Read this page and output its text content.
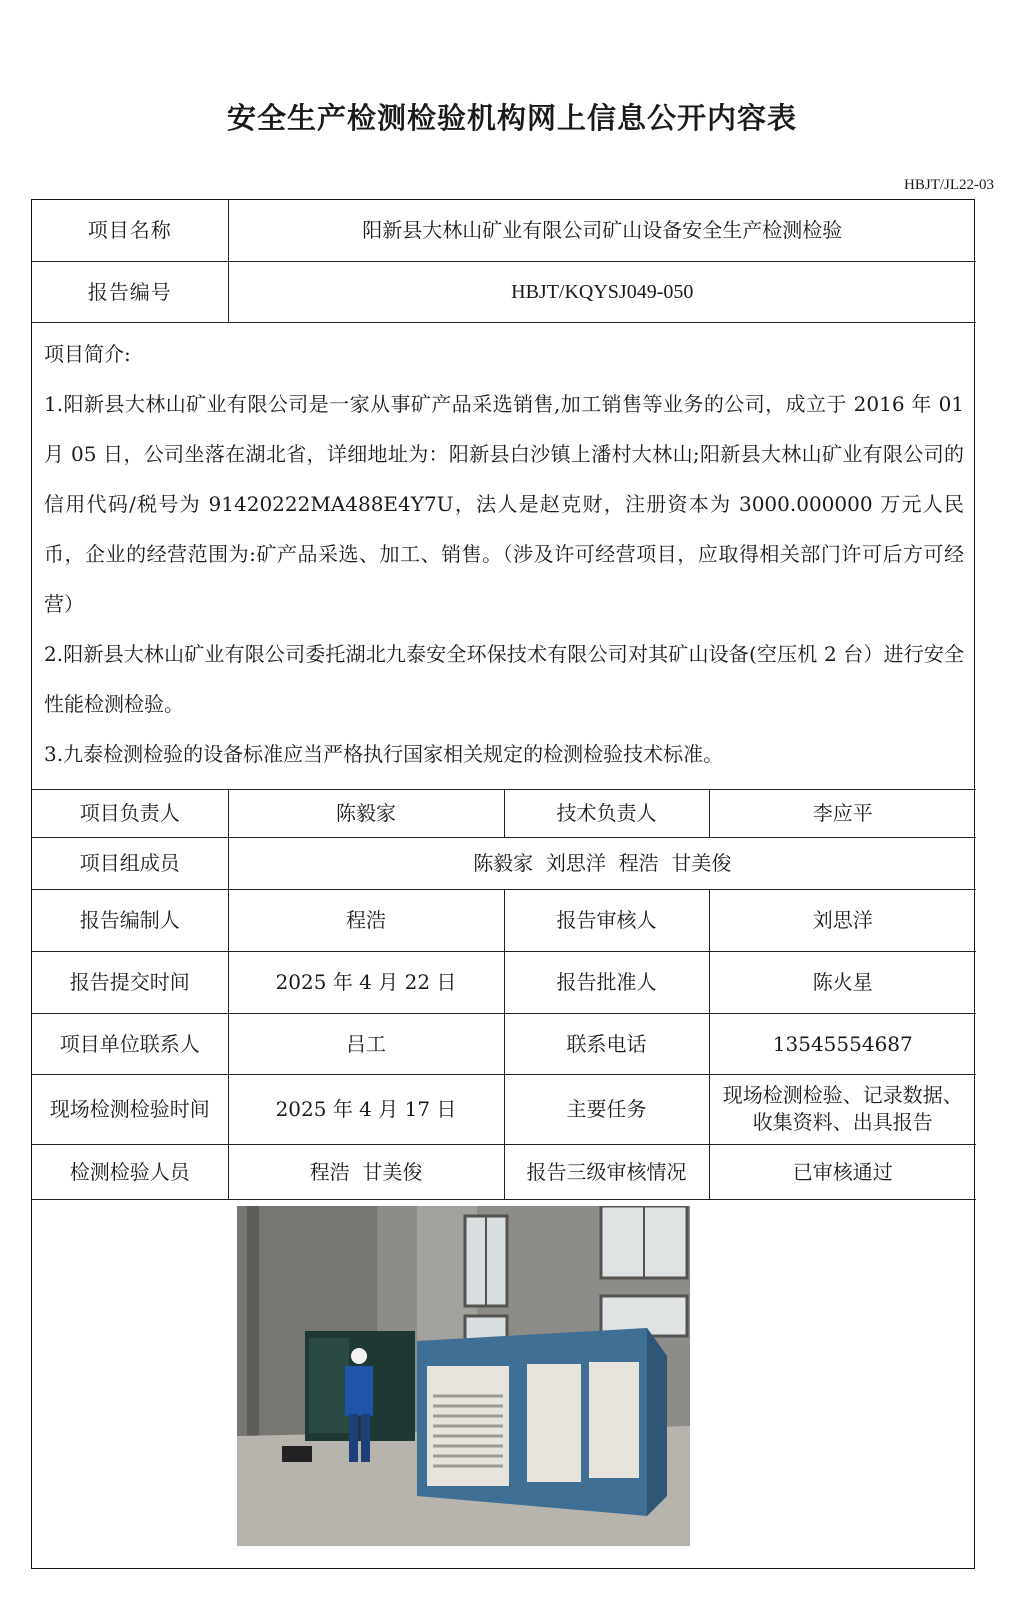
安全生产检测检验机构网上信息公开内容表
HBJT/JL22-03
项目名称	阳新县大林山矿业有限公司矿山设备安全生产检测检验		
报告编号	HBJT/KQYSJ049-050		

项目简介:

1.阳新县大林山矿业有限公司是一家从事矿产品采选销售,加工销售等业务的公司，成立于 2016 年 01 月 05 日，公司坐落在湖北省，详细地址为：阳新县白沙镇上潘村大林山;阳新县大林山矿业有限公司的信用代码/税号为 91420222MA488E4Y7U，法人是赵克财，注册资本为 3000.000000 万元人民币，企业的经营范围为:矿产品采选、加工、销售。（涉及许可经营项目，应取得相关部门许可后方可经营）

2.阳新县大林山矿业有限公司委托湖北九泰安全环保技术有限公司对其矿山设备(空压机 2 台）进行安全性能检测检验。

3.九泰检测检验的设备标准应当严格执行国家相关规定的检测检验技术标准。			

项目负责人	陈毅家	技术负责人	李应平
项目组成员	陈毅家  刘思洋  程浩  甘美俊		
报告编制人	程浩	报告审核人	刘思洋
报告提交时间	2025 年 4 月 22 日	报告批准人	陈火星
项目单位联系人	吕工	联系电话	13545554687
现场检测检验时间	2025 年 4 月 17 日	主要任务	现场检测检验、记录数据、收集资料、出具报告
检测检验人员	程浩  甘美俊	报告三级审核情况	已审核通过
